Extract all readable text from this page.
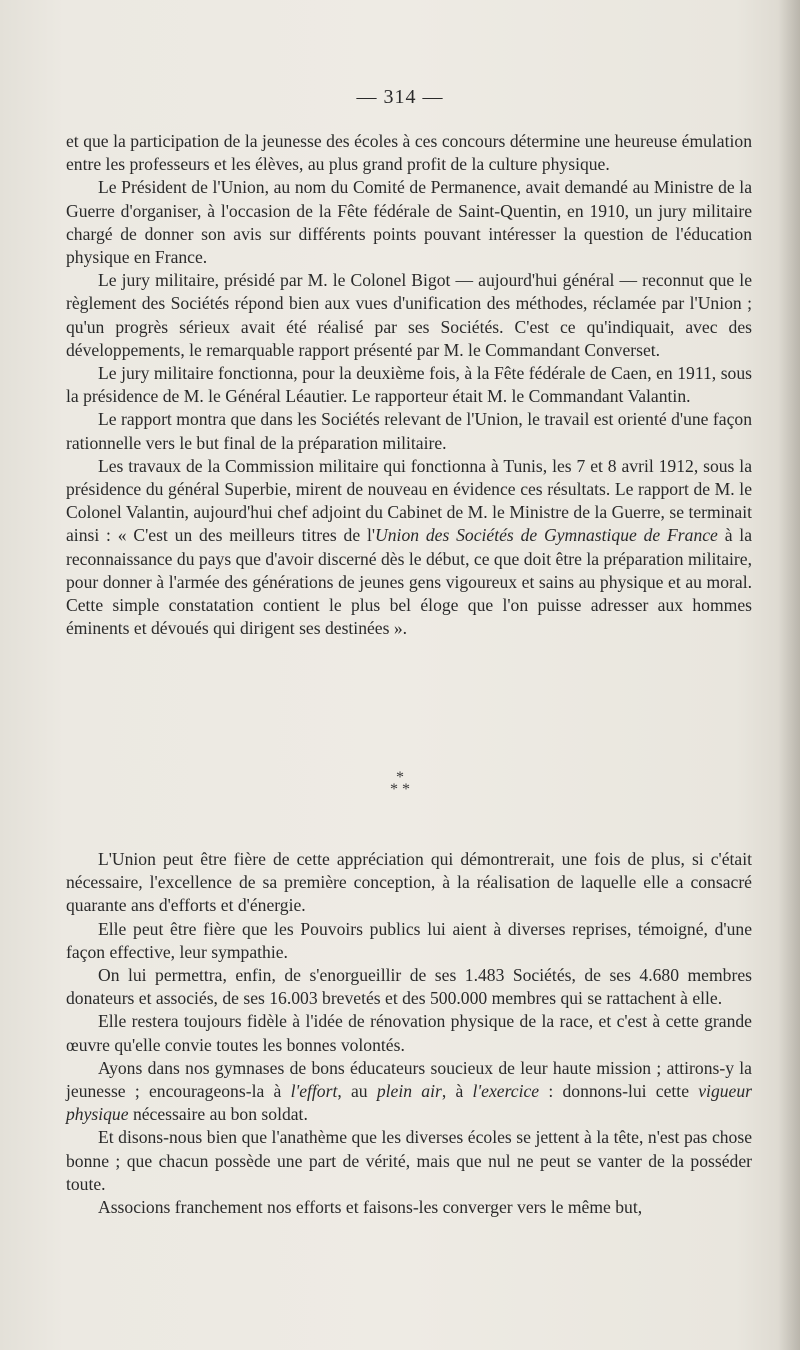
— 314 —

et que la participation de la jeunesse des écoles à ces concours détermine une heureuse émulation entre les professeurs et les élèves, au plus grand profit de la culture physique.

Le Président de l'Union, au nom du Comité de Permanence, avait demandé au Ministre de la Guerre d'organiser, à l'occasion de la Fête fédérale de Saint-Quentin, en 1910, un jury militaire chargé de donner son avis sur différents points pouvant intéresser la question de l'éducation physique en France.

Le jury militaire, présidé par M. le Colonel Bigot — aujourd'hui général — reconnut que le règlement des Sociétés répond bien aux vues d'unification des méthodes, réclamée par l'Union ; qu'un progrès sérieux avait été réalisé par ses Sociétés. C'est ce qu'indiquait, avec des développements, le remarquable rapport présenté par M. le Commandant Converset.

Le jury militaire fonctionna, pour la deuxième fois, à la Fête fédérale de Caen, en 1911, sous la présidence de M. le Général Léautier. Le rapporteur était M. le Commandant Valantin.

Le rapport montra que dans les Sociétés relevant de l'Union, le travail est orienté d'une façon rationnelle vers le but final de la préparation militaire.

Les travaux de la Commission militaire qui fonctionna à Tunis, les 7 et 8 avril 1912, sous la présidence du général Superbie, mirent de nouveau en évidence ces résultats. Le rapport de M. le Colonel Valantin, aujourd'hui chef adjoint du Cabinet de M. le Ministre de la Guerre, se terminait ainsi : « C'est un des meilleurs titres de l'Union des Sociétés de Gymnastique de France à la reconnaissance du pays que d'avoir discerné dès le début, ce que doit être la préparation militaire, pour donner à l'armée des générations de jeunes gens vigoureux et sains au physique et au moral. Cette simple constatation contient le plus bel éloge que l'on puisse adresser aux hommes éminents et dévoués qui dirigent ses destinées ».

*
* *

L'Union peut être fière de cette appréciation qui démontrerait, une fois de plus, si c'était nécessaire, l'excellence de sa première conception, à la réalisation de laquelle elle a consacré quarante ans d'efforts et d'énergie.

Elle peut être fière que les Pouvoirs publics lui aient à diverses reprises, témoigné, d'une façon effective, leur sympathie.

On lui permettra, enfin, de s'enorgueillir de ses 1.483 Sociétés, de ses 4.680 membres donateurs et associés, de ses 16.003 brevetés et des 500.000 membres qui se rattachent à elle.

Elle restera toujours fidèle à l'idée de rénovation physique de la race, et c'est à cette grande œuvre qu'elle convie toutes les bonnes volontés.

Ayons dans nos gymnases de bons éducateurs soucieux de leur haute mission ; attirons-y la jeunesse ; encourageons-la à l'effort, au plein air, à l'exercice : donnons-lui cette vigueur physique nécessaire au bon soldat.

Et disons-nous bien que l'anathème que les diverses écoles se jettent à la tête, n'est pas chose bonne ; que chacun possède une part de vérité, mais que nul ne peut se vanter de la posséder toute.

Associons franchement nos efforts et faisons-les converger vers le même but,
